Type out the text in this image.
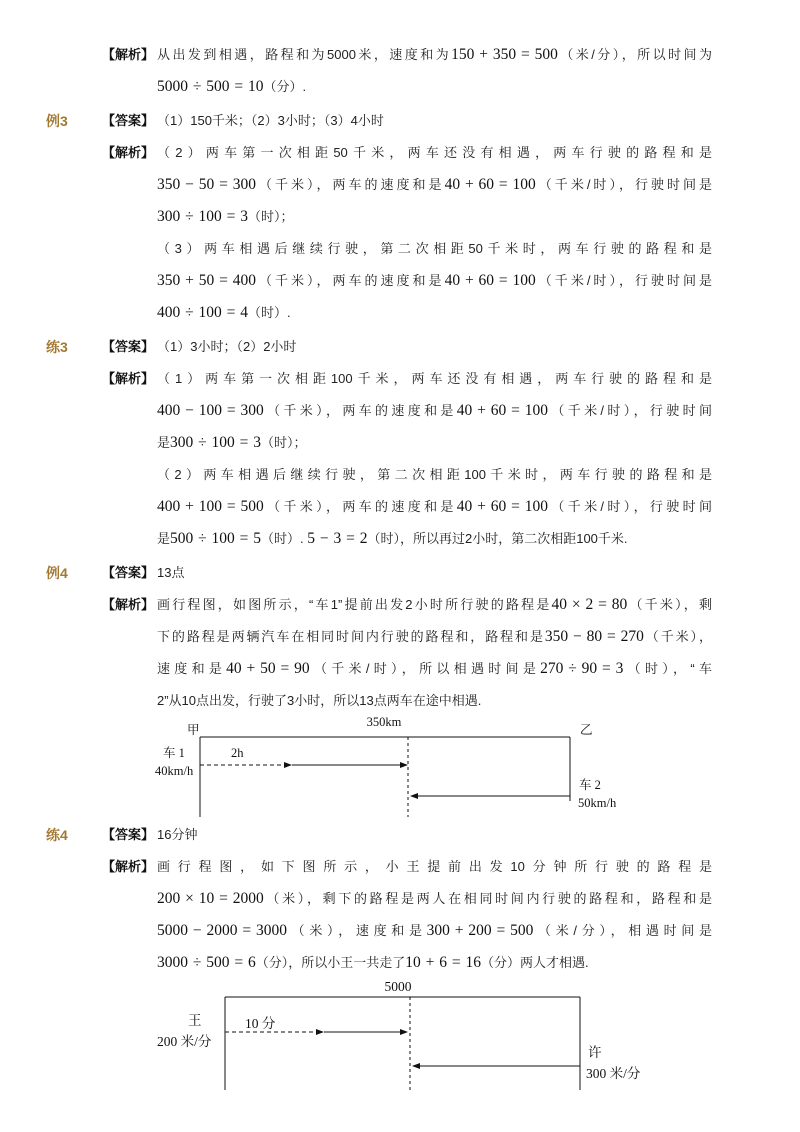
【解析】 从出发到相遇，路程和为5000米，速度和为150 + 350 = 500（米/分），所以时间为
5000 ÷ 500 = 10（分）.
例3	【答案】 （1）150千米；（2）3小时；（3）4小时
【解析】 （2）两车第一次相距50千米，两车还没有相遇，两车行驶的路程和是
350 − 50 = 300（千米），两车的速度和是40 + 60 = 100（千米/时），行驶时间是
300 ÷ 100 = 3（时）；
（3）两车相遇后继续行驶，第二次相距50千米时，两车行驶的路程和是
350 + 50 = 400（千米），两车的速度和是40 + 60 = 100（千米/时），行驶时间是
400 ÷ 100 = 4（时）.
练3	【答案】 （1）3小时；（2）2小时
【解析】 （1）两车第一次相距100千米，两车还没有相遇，两车行驶的路程和是
400 − 100 = 300（千米），两车的速度和是40 + 60 = 100（千米/时），行驶时间
是300 ÷ 100 = 3（时）；
（2）两车相遇后继续行驶，第二次相距100千米时，两车行驶的路程和是
400 + 100 = 500（千米），两车的速度和是40 + 60 = 100（千米/时），行驶时间
是500 ÷ 100 = 5（时）. 5 − 3 = 2（时），所以再过2小时，第二次相距100千米.
例4	【答案】 13点
【解析】 画行程图，如图所示，“车1”提前出发2小时所行驶的路程是40 × 2 = 80（千米），剩
下的路程是两辆汽车在相同时间内行驶的路程和，路程和是350 − 80 = 270（千米），
速度和是40 + 50 = 90（千米/时），所以相遇时间是270 ÷ 90 = 3（时），“车
2”从10点出发，行驶了3小时，所以13点两车在途中相遇.
350km
甲	乙
车 1
40km/h
2h
车 2
50km/h
练4	【答案】 16分钟
【解析】 画行程图，如下图所示，小王提前出发10分钟所行驶的路程是
200 × 10 = 2000（米），剩下的路程是两人在相同时间内行驶的路程和，路程和是
5000 − 2000 = 3000（米），速度和是300 + 200 = 500（米/分），相遇时间是
3000 ÷ 500 = 6（分），所以小王一共走了10 + 6 = 16（分）两人才相遇.
5000
王
200 米/分
10 分
许
300 米/分
